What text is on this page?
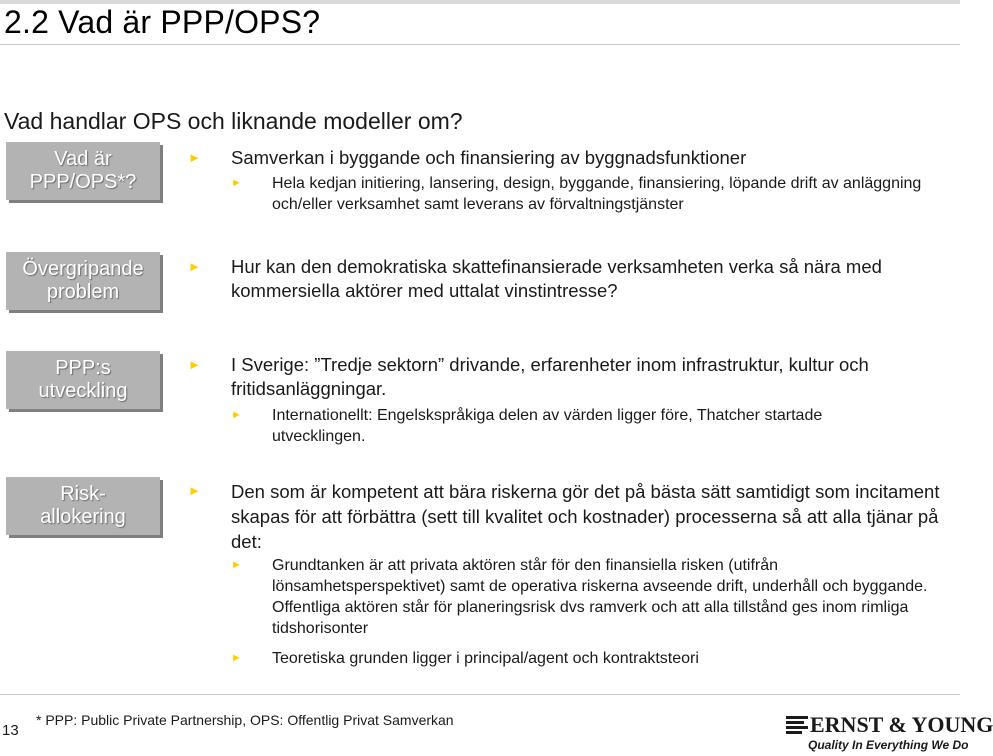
2.2 Vad är PPP/OPS?
Vad handlar OPS och liknande modeller om?
Vad är
PPP/OPS*?
► Samverkan i byggande och finansiering av byggnadsfunktioner
► Hela kedjan initiering, lansering, design, byggande, finansiering, löpande drift av anläggning och/eller verksamhet samt leverans av förvaltningstjänster
Övergripande
problem
► Hur kan den demokratiska skattefinansierade verksamheten verka så nära med kommersiella aktörer med uttalat vinstintresse?
PPP:s
utveckling
► I Sverige: ”Tredje sektorn” drivande, erfarenheter inom infrastruktur, kultur och fritidsanläggningar.
► Internationellt: Engelskspråkiga delen av värden ligger före, Thatcher startade utvecklingen.
Risk-
allokering
► Den som är kompetent att bära riskerna gör det på bästa sätt samtidigt som incitament skapas för att förbättra (sett till kvalitet och kostnader) processerna så att alla tjänar på det:
► Grundtanken är att privata aktören står för den finansiella risken (utifrån lönsamhetsperspektivet) samt de operativa riskerna avseende drift, underhåll och byggande. Offentliga aktören står för planeringsrisk dvs ramverk och att alla tillstånd ges inom rimliga tidshorisonter
► Teoretiska grunden ligger i principal/agent och kontraktsteori
13
* PPP: Public Private Partnership, OPS: Offentlig Privat Samverkan	ERNST & YOUNG
Quality In Everything We Do
